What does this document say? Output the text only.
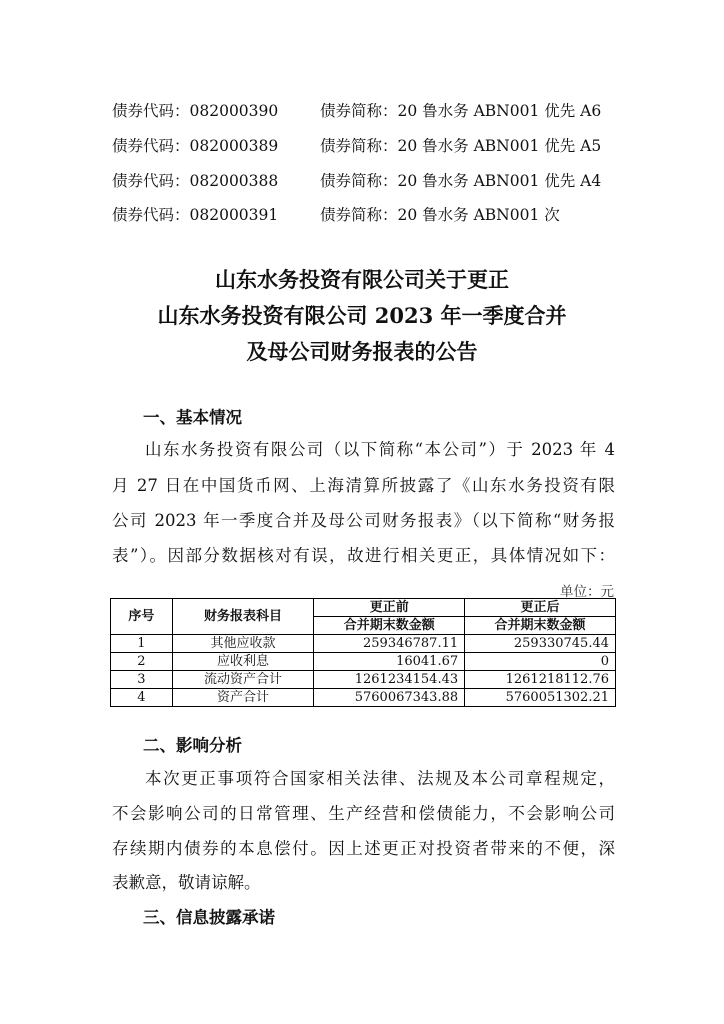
债券代码：082000390	债券简称：20 鲁水务 ABN001 优先 A6
债券代码：082000389	债券简称：20 鲁水务 ABN001 优先 A5
债券代码：082000388	债券简称：20 鲁水务 ABN001 优先 A4
债券代码：082000391	债券简称：20 鲁水务 ABN001 次
山东水务投资有限公司关于更正
山东水务投资有限公司 2023 年一季度合并
及母公司财务报表的公告
一、基本情况
山东水务投资有限公司（以下简称“本公司”）于 2023 年 4
月 27 日在中国货币网、上海清算所披露了《山东水务投资有限
公司 2023 年一季度合并及母公司财务报表》（以下简称“财务报
表”）。因部分数据核对有误，故进行相关更正，具体情况如下：
单位：元
序号	财务报表科目	更正前	更正后
		合并期末数金额	合并期末数金额
1	其他应收款	259346787.11	259330745.44
2	应收利息	16041.67	0
3	流动资产合计	1261234154.43	1261218112.76
4	资产合计	5760067343.88	5760051302.21
二、影响分析
本次更正事项符合国家相关法律、法规及本公司章程规定，
不会影响公司的日常管理、生产经营和偿债能力，不会影响公司
存续期内债券的本息偿付。因上述更正对投资者带来的不便，深
表歉意，敬请谅解。
三、信息披露承诺
